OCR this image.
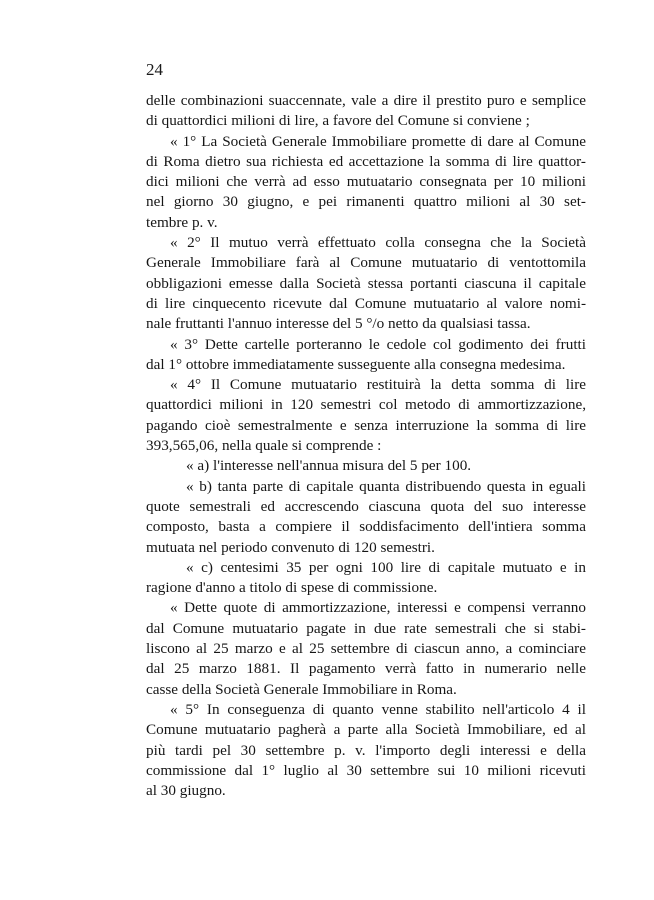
24
delle combinazioni suaccennate, vale a dire il prestito puro e semplice
di quattordici milioni di lire, a favore del Comune si conviene ;
« 1° La Società Generale Immobiliare promette di dare al Comune
di Roma dietro sua richiesta ed accettazione la somma di lire quattor-
dici milioni che verrà ad esso mutuatario consegnata per 10 milioni
nel giorno 30 giugno, e pei rimanenti quattro milioni al 30 set-
tembre p. v.
« 2° Il mutuo verrà effettuato colla consegna che la Società
Generale Immobiliare farà al Comune mutuatario di ventottomila
obbligazioni emesse dalla Società stessa portanti ciascuna il capitale
di lire cinquecento ricevute dal Comune mutuatario al valore nomi-
nale fruttanti l'annuo interesse del 5 °/o netto da qualsiasi tassa.
« 3° Dette cartelle porteranno le cedole col godimento dei frutti
dal 1° ottobre immediatamente susseguente alla consegna medesima.
« 4° Il Comune mutuatario restituirà la detta somma di lire
quattordici milioni in 120 semestri col metodo di ammortizzazione,
pagando cioè semestralmente e senza interruzione la somma di lire
393,565,06, nella quale si comprende :
« a) l'interesse nell'annua misura del 5 per 100.
« b) tanta parte di capitale quanta distribuendo questa in eguali
quote semestrali ed accrescendo ciascuna quota del suo interesse
composto, basta a compiere il soddisfacimento dell'intiera somma
mutuata nel periodo convenuto di 120 semestri.
« c) centesimi 35 per ogni 100 lire di capitale mutuato e in
ragione d'anno a titolo di spese di commissione.
« Dette quote di ammortizzazione, interessi e compensi verranno
dal Comune mutuatario pagate in due rate semestrali che si stabi-
liscono al 25 marzo e al 25 settembre di ciascun anno, a cominciare
dal 25 marzo 1881. Il pagamento verrà fatto in numerario nelle
casse della Società Generale Immobiliare in Roma.
« 5° In conseguenza di quanto venne stabilito nell'articolo 4 il
Comune mutuatario pagherà a parte alla Società Immobiliare, ed al
più tardi pel 30 settembre p. v. l'importo degli interessi e della
commissione dal 1° luglio al 30 settembre sui 10 milioni ricevuti
al 30 giugno.
